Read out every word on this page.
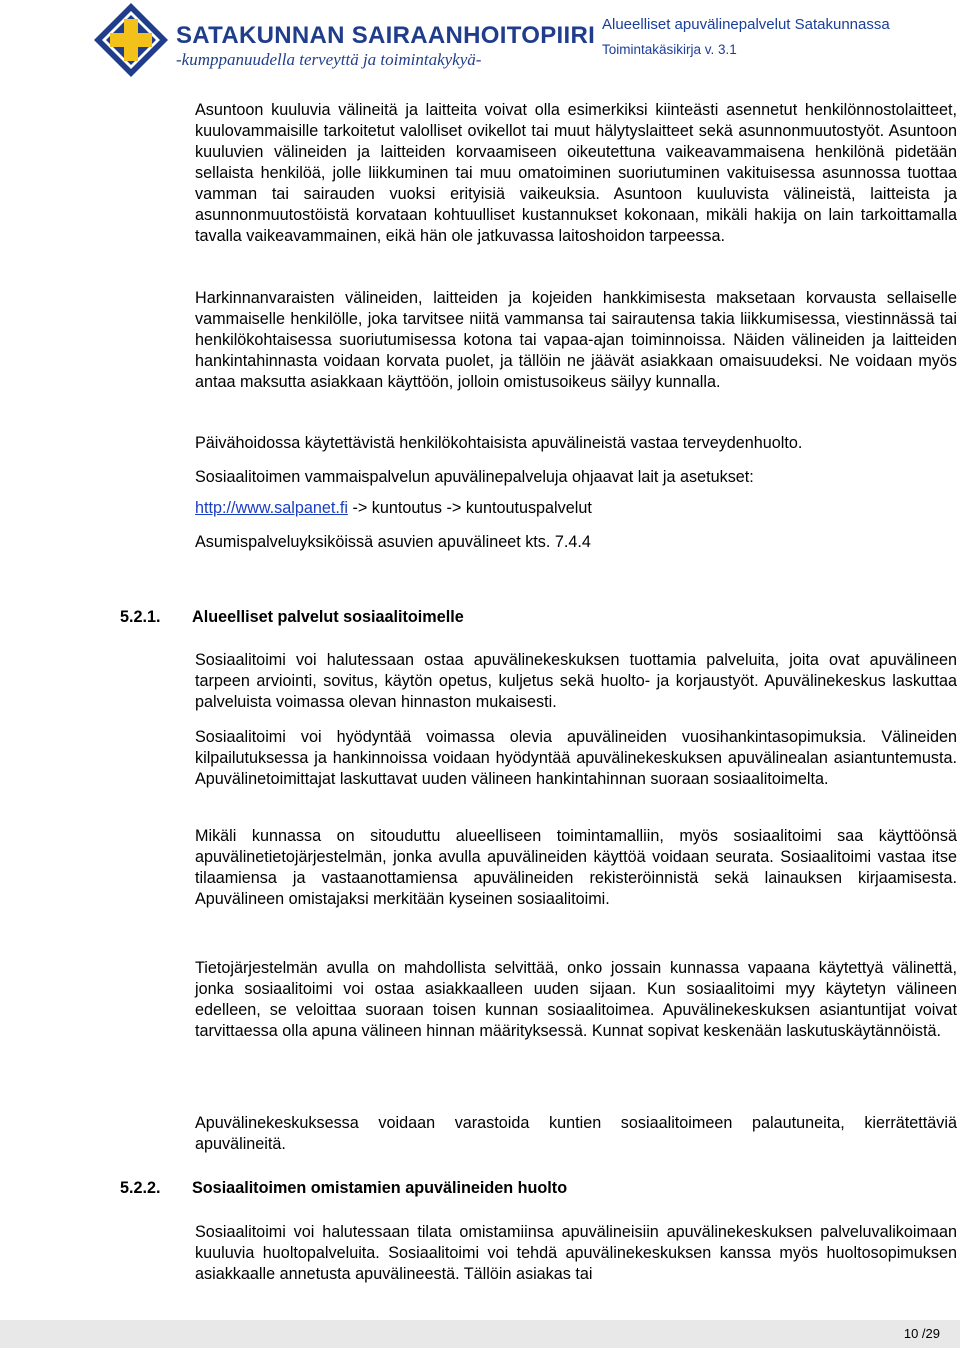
SATAKUNNAN SAIRAANHOITOPIIRI
-kumppanuudella terveyttä ja toimintakykyä-
Alueelliset apuvälinepalvelut Satakunnassa
Toimintakäsikirja v. 3.1

Asuntoon kuuluvia välineitä ja laitteita voivat olla esimerkiksi kiinteästi asennetut henkilönnostolaitteet, kuulovammaisille tarkoitetut valolliset ovikellot tai muut hälytyslaitteet sekä asunnonmuutostyöt. Asuntoon kuuluvien välineiden ja laitteiden korvaamiseen oikeutettuna vaikeavammaisena henkilönä pidetään sellaista henkilöä, jolle liikkuminen tai muu omatoiminen suoriutuminen vakituisessa asunnossa tuottaa vamman tai sairauden vuoksi erityisiä vaikeuksia. Asuntoon kuuluvista välineistä, laitteista ja asunnonmuutostöistä korvataan kohtuulliset kustannukset kokonaan, mikäli hakija on lain tarkoittamalla tavalla vaikeavammainen, eikä hän ole jatkuvassa laitoshoidon tarpeessa.

Harkinnanvaraisten välineiden, laitteiden ja kojeiden hankkimisesta maksetaan korvausta sellaiselle vammaiselle henkilölle, joka tarvitsee niitä vammansa tai sairautensa takia liikkumisessa, viestinnässä tai henkilökohtaisessa suoriutumisessa kotona tai vapaa-ajan toiminnoissa. Näiden välineiden ja laitteiden hankintahinnasta voidaan korvata puolet, ja tällöin ne jäävät asiakkaan omaisuudeksi. Ne voidaan myös antaa maksutta asiakkaan käyttöön, jolloin omistusoikeus säilyy kunnalla.

Päivähoidossa käytettävistä henkilökohtaisista apuvälineistä vastaa terveydenhuolto.

Sosiaalitoimen vammaispalvelun apuvälinepalveluja ohjaavat lait ja asetukset:

http://www.salpanet.fi -> kuntoutus -> kuntoutuspalvelut

Asumispalveluyksiköissä asuvien apuvälineet kts. 7.4.4

5.2.1. Alueelliset palvelut sosiaalitoimelle

Sosiaalitoimi voi halutessaan ostaa apuvälinekeskuksen tuottamia palveluita, joita ovat apuvälineen tarpeen arviointi, sovitus, käytön opetus, kuljetus sekä huolto- ja korjaustyöt. Apuvälinekeskus laskuttaa palveluista voimassa olevan hinnaston mukaisesti.

Sosiaalitoimi voi hyödyntää voimassa olevia apuvälineiden vuosihankintasopimuksia. Välineiden kilpailutuksessa ja hankinnoissa voidaan hyödyntää apuvälinekeskuksen apuvälinealan asiantuntemusta. Apuvälinetoimittajat laskuttavat uuden välineen hankintahinnan suoraan sosiaalitoimelta.

Mikäli kunnassa on sitouduttu alueelliseen toimintamalliin, myös sosiaalitoimi saa käyttöönsä apuvälinetietojärjestelmän, jonka avulla apuvälineiden käyttöä voidaan seurata. Sosiaalitoimi vastaa itse tilaamiensa ja vastaanottamiensa apuvälineiden rekisteröinnistä sekä lainauksen kirjaamisesta. Apuvälineen omistajaksi merkitään kyseinen sosiaalitoimi.

Tietojärjestelmän avulla on mahdollista selvittää, onko jossain kunnassa vapaana käytettyä välinettä, jonka sosiaalitoimi voi ostaa asiakkaalleen uuden sijaan. Kun sosiaalitoimi myy käytetyn välineen edelleen, se veloittaa suoraan toisen kunnan sosiaalitoimea. Apuvälinekeskuksen asiantuntijat voivat tarvittaessa olla apuna välineen hinnan määrityksessä. Kunnat sopivat keskenään laskutuskäytännöistä.

Apuvälinekeskuksessa voidaan varastoida kuntien sosiaalitoimeen palautuneita, kierrätettäviä apuvälineitä.

5.2.2. Sosiaalitoimen omistamien apuvälineiden huolto

Sosiaalitoimi voi halutessaan tilata omistamiinsa apuvälineisiin apuvälinekeskuksen palveluvalikoimaan kuuluvia huoltopalveluita. Sosiaalitoimi voi tehdä apuvälinekeskuksen kanssa myös huoltosopimuksen asiakkaalle annetusta apuvälineestä. Tällöin asiakas tai

10 /29
